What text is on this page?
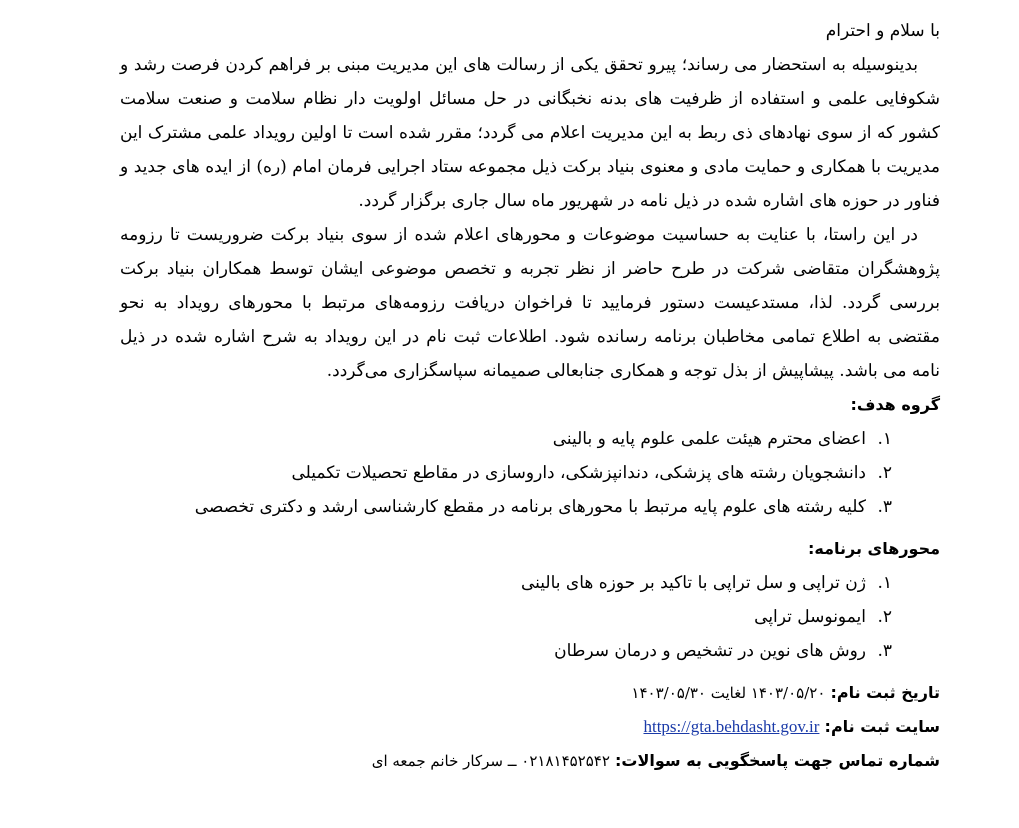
با سلام و احترام

بدینوسیله به استحضار می رساند؛ پیرو تحقق یکی از رسالت های این مدیریت مبنی بر فراهم کردن فرصت رشد و شکوفایی علمی و استفاده از ظرفیت های بدنه نخبگانی در حل مسائل اولویت دار نظام سلامت و صنعت سلامت کشور که از سوی نهادهای ذی ربط به این مدیریت اعلام می گردد؛ مقرر شده است تا اولین رویداد علمی مشترک این مدیریت با همکاری و حمایت مادی و معنوی بنیاد برکت ذیل مجموعه ستاد اجرایی فرمان امام (ره) از ایده های جدید و فناور در حوزه های اشاره شده در ذیل نامه در شهریور ماه سال جاری برگزار گردد.

در این راستا، با عنایت به حساسیت موضوعات و محورهای اعلام شده از سوی بنیاد برکت ضروریست تا رزومه پژوهشگران متقاضی شرکت در طرح حاضر از نظر تجربه و تخصص موضوعی ایشان توسط همکاران بنیاد برکت بررسی گردد. لذا، مستدعیست دستور فرمایید تا فراخوان دریافت رزومه‌های مرتبط با محورهای رویداد به نحو مقتضی به اطلاع تمامی مخاطبان برنامه رسانده شود. اطلاعات ثبت نام در این رویداد به شرح اشاره شده در ذیل نامه می باشد. پیشاپیش از بذل توجه و همکاری جنابعالی صمیمانه سپاسگزاری می‌گردد.

گروه هدف:

۱.
اعضای محترم هیئت علمی علوم پایه و بالینی
۲.
دانشجویان رشته های پزشکی، دندانپزشکی، داروسازی در مقاطع تحصیلات تکمیلی
۳.
کلیه رشته های علوم پایه مرتبط با محورهای برنامه در مقطع کارشناسی ارشد و دکتری تخصصی

محورهای برنامه:

۱.
ژن تراپی و سل تراپی با تاکید بر حوزه های بالینی
۲.
ایمونوسل تراپی
۳.
روش های نوین در تشخیص و درمان سرطان

تاریخ ثبت نام: ۱۴۰۳/۰۵/۲۰ لغایت ۱۴۰۳/۰۵/۳۰

سایت ثبت نام: https://gta.behdasht.gov.ir

شماره تماس جهت پاسخگویی به سوالات: ۰۲۱۸۱۴۵۲۵۴۲ ــ سرکار خانم جمعه ای
